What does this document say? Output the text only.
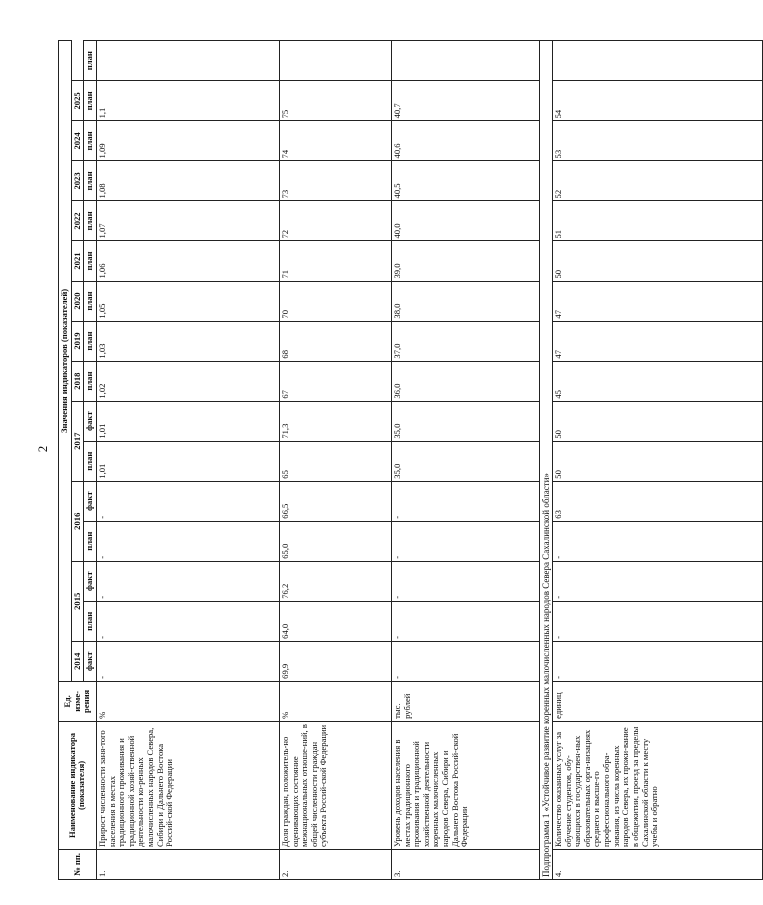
2
№ пп.	Наименование индикатора (показателя)	Ед. изме-рения	Значения индикаторов (показателей)															
			2014	2015		2016		2017		2018	2019	2020	2021	2022	2023	2024	2025	
			факт	план	факт	план	факт	план	факт	план	план	план	план	план	план	план	план	план
1.	Прирост численности заня-того населения в местах традиционного проживания и традиционной хозяй-ственной деятельности ко-ренных малочисленных народов Севера, Сибири и Дальнего Востока Россий-ской Федерации	%	-	-	-	-	-	1,01	1,01	1,02	1,03	1,05	1,06	1,07	1,08	1,09	1,1	
2.	Доля граждан, положитель-но оценивающих состояние межнациональных отноше-ний, в общей численности граждан субъекта Россий-ской Федерации	%	69,9	64,0	76,2	65,0	66,5	65	71,3	67	68	70	71	72	73	74	75	
3.	Уровень доходов населения в местах традиционного проживания и традиционной хозяйственной деятельности коренных малочисленных народов Севера, Сибири и Дальнего Востока Россий-ской Федерации	тыс. рублей	-	-	-	-	-	35,0	35,0	36,0	37,0	38,0	39,0	40,0	40,5	40,6	40,7	
Подпрограмма 1 «Устойчивое развитие коренных малочисленных народов Севера Сахалинской области»																		
4.	Количество оказанных услуг за обучение студентов, обу-чающихся в государствен-ных образовательных орга-низациях среднего и высше-го профессионального обра-зования, из числа коренных народов Севера, их прожи-вание в общежитии, проезд за пределы Сахалинской области к месту учебы и обратно	единиц	-	-	-	-	63	50	50	45	47	47	50	51	52	53	54	
